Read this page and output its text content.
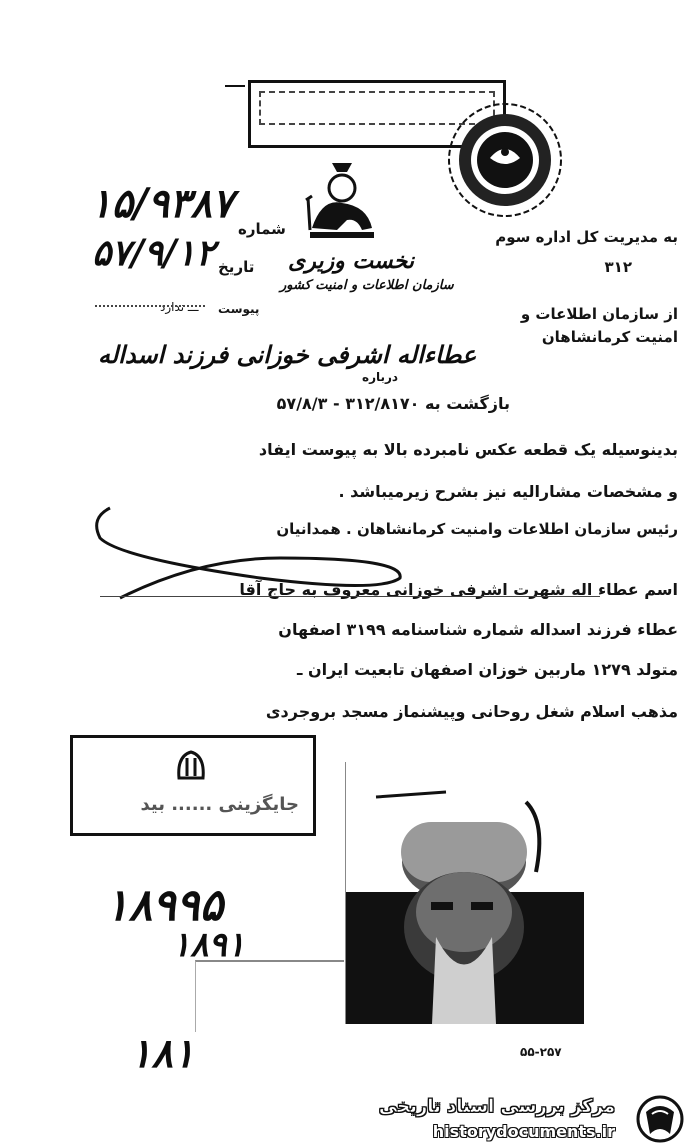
نخست وزیری
سازمان اطلاعات و امنیت کشور
به مدیریت کل اداره سوم
۳۱۲
از سازمان اطلاعات و
امنیت کرمانشاهان
شماره
۱۵/۹۳۸۷
تاریخ
۵۷/۹/۱۲
پیوست
ـــ ندارد
درباره
عطاءاله اشرفی خوزانی فرزند اسداله
بازگشت به ۳۱۲/۸۱۷۰ - ۵۷/۸/۳
بدینوسیله یک قطعه عکس نامبرده بالا به پیوست ایفاد
و مشخصات مشارالیه نیز بشرح زیرمیباشد .
رئیس سازمان اطلاعات وامنیت کرمانشاهان . همدانیان
اسم عطاء اله شهرت اشرفی خوزانی معروف به حاج آقا
عطاء فرزند اسداله شماره شناسنامه ۳۱۹۹ اصفهان
متولد ۱۲۷۹ ماربین خوزان اصفهان تابعیت ایران ـ
مذهب اسلام شغل روحانی وپیشنماز مسجد بروجردی
جایگزینی ...... بید
۵۵-۲۵۷
۱۸۹۹۵
۱۸۹۱
۱۸۱
مرکز بررسی اسناد تاریخی
historydocuments.ir
